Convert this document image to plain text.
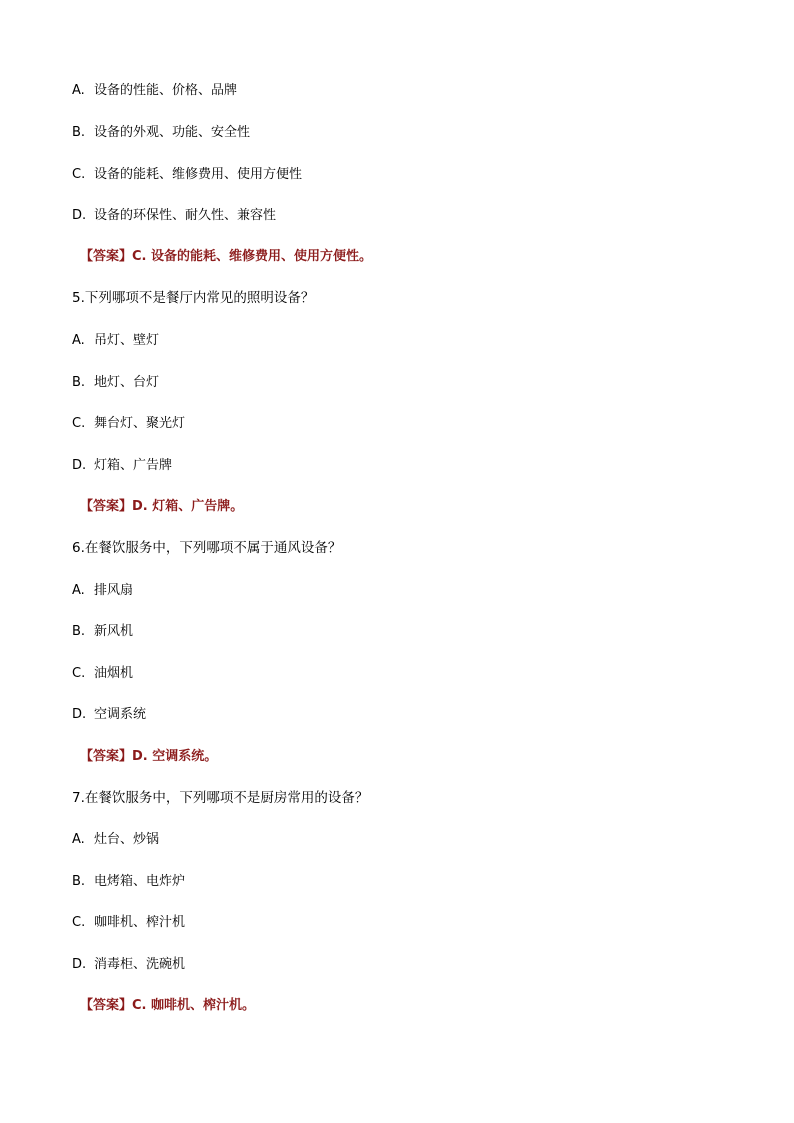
A. 设备的性能、价格、品牌
B. 设备的外观、功能、安全性
C. 设备的能耗、维修费用、使用方便性
D. 设备的环保性、耐久性、兼容性
【答案】C. 设备的能耗、维修费用、使用方便性。
5.下列哪项不是餐厅内常见的照明设备？
A. 吊灯、壁灯
B. 地灯、台灯
C. 舞台灯、聚光灯
D. 灯箱、广告牌
【答案】D. 灯箱、广告牌。
6.在餐饮服务中，下列哪项不属于通风设备？
A. 排风扇
B. 新风机
C. 油烟机
D. 空调系统
【答案】D. 空调系统。
7.在餐饮服务中，下列哪项不是厨房常用的设备？
A. 灶台、炒锅
B. 电烤箱、电炸炉
C. 咖啡机、榨汁机
D. 消毒柜、洗碗机
【答案】C. 咖啡机、榨汁机。
